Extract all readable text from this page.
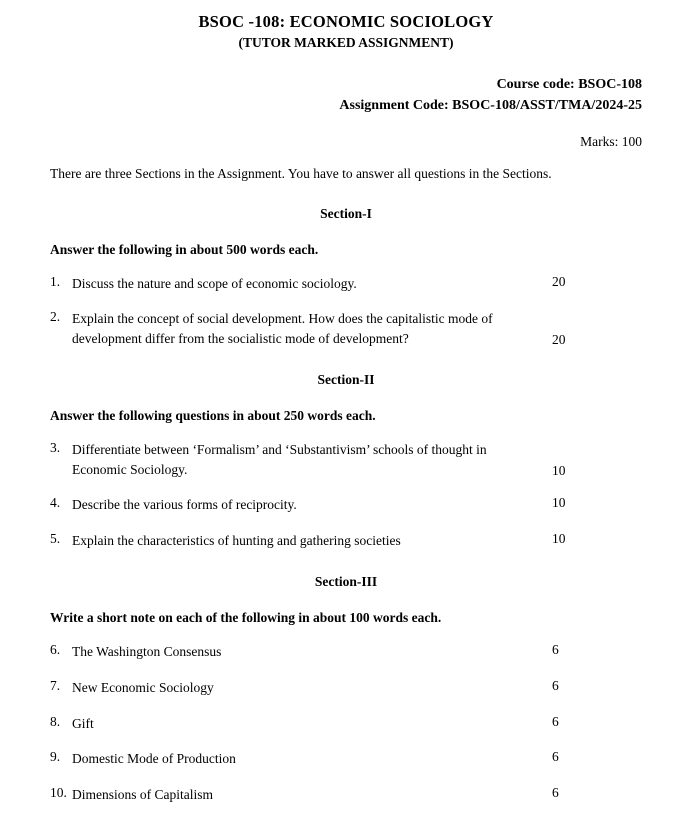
BSOC -108: ECONOMIC SOCIOLOGY
(TUTOR MARKED ASSIGNMENT)
Course code: BSOC-108
Assignment Code: BSOC-108/ASST/TMA/2024-25
Marks: 100
There are three Sections in the Assignment. You have to answer all questions in the Sections.
Section-I
Answer the following in about 500 words each.
1. Discuss the nature and scope of economic sociology.	20
2. Explain the concept of social development. How does the capitalistic mode of development differ from the socialistic mode of development?	20
Section-II
Answer the following questions in about 250 words each.
3. Differentiate between ‘Formalism’ and ‘Substantivism’ schools of thought in Economic Sociology.	10
4. Describe the various forms of reciprocity.	10
5. Explain the characteristics of hunting and gathering societies	10
Section-III
Write a short note on each of the following in about 100 words each.
6. The Washington Consensus	6
7. New Economic Sociology	6
8. Gift	6
9. Domestic Mode of Production	6
10. Dimensions of Capitalism	6
